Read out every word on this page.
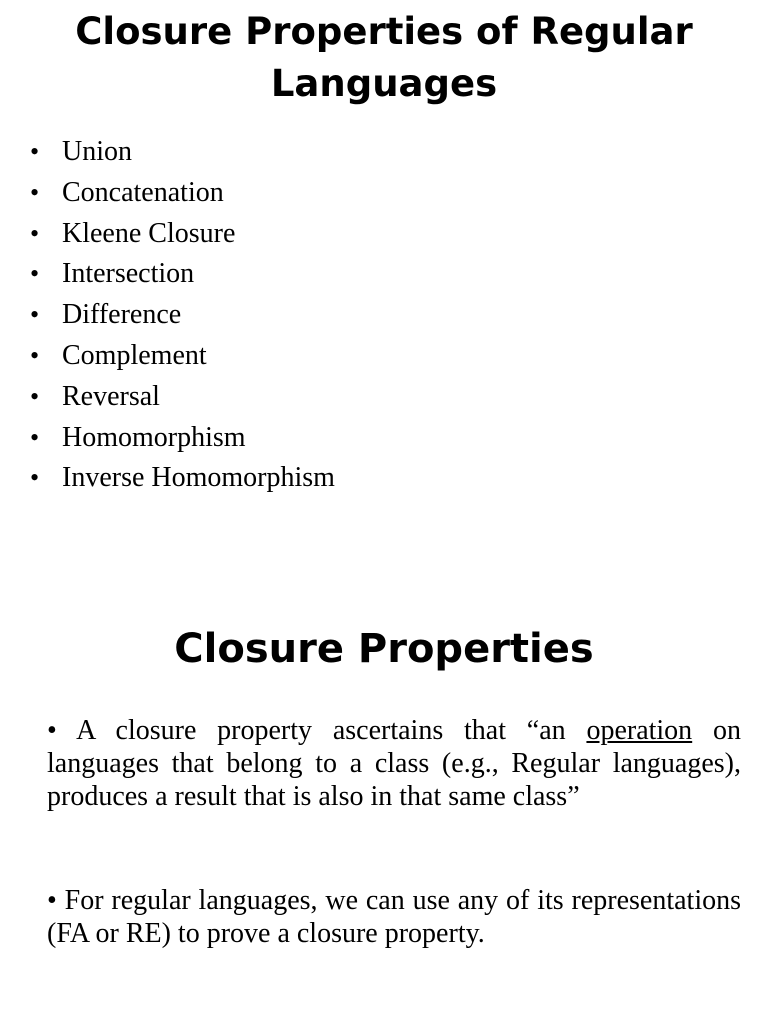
Closure Properties of Regular
Languages
• Union
• Concatenation
• Kleene Closure
• Intersection
• Difference
• Complement
• Reversal
• Homomorphism
• Inverse Homomorphism
Closure Properties

• A closure property ascertains that “an operation on languages that belong to a class (e.g., Regular languages), produces a result that is also in that same class”

• For regular languages, we can use any of its representations (FA or RE) to prove a closure property.
